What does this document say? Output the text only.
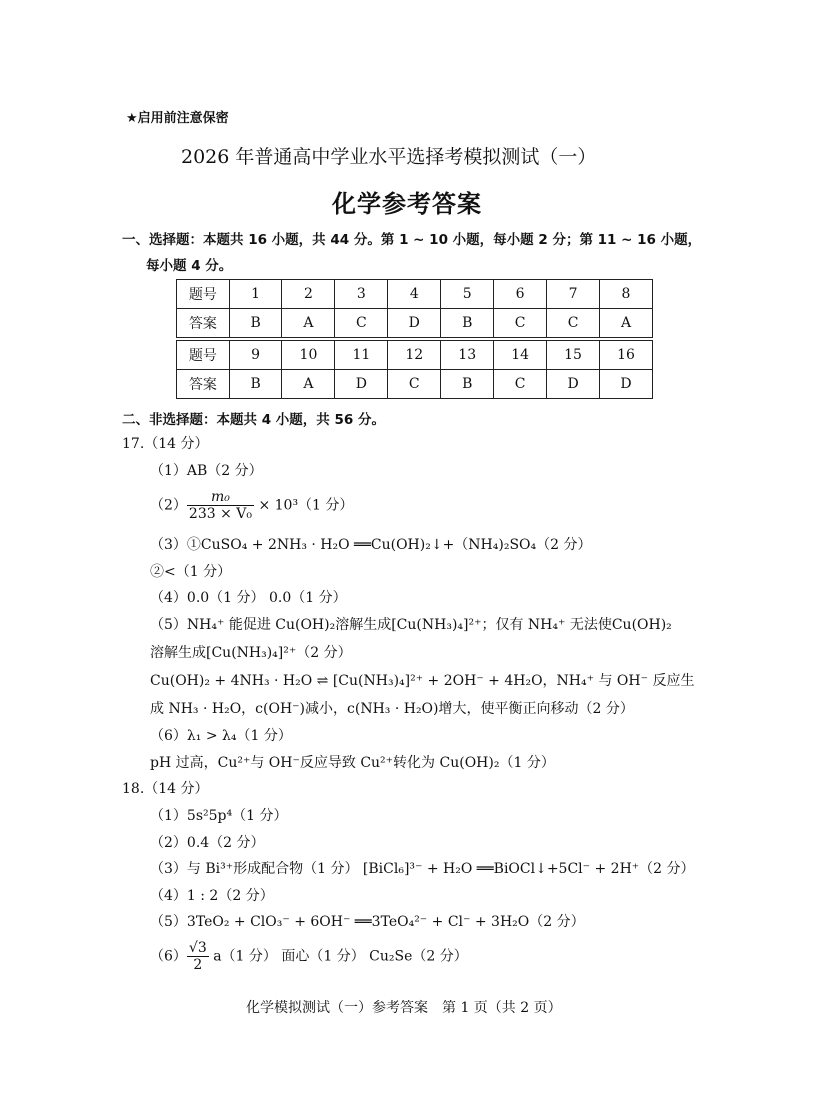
★启用前注意保密
2026 年普通高中学业水平选择考模拟测试（一）
化学参考答案
一、选择题：本题共 16 小题，共 44 分。第 1 ~ 10 小题，每小题 2 分；第 11 ~ 16 小题，
每小题 4 分。
题号	1	2	3	4	5	6	7	8
答案	B	A	C	D	B	C	C	A
题号	9	10	11	12	13	14	15	16
答案	B	A	D	C	B	C	D	D
二、非选择题：本题共 4 小题，共 56 分。
17.（14 分）
（1）AB（2 分）
$(2) \frac{\text{m₀}}{\text{233 × V₀}} \times 10^3(1$ 分）
（3）①CuSO₄ + 2NH₃ · H₂O ══Cu(OH)₂↓+（NH₄)₂SO₄（2 分）
②<（1 分）
（4）0.0（1 分） 0.0（1 分）
（5）NH₄⁺ 能促进 Cu(OH)₂溶解生成[Cu(NH₃)₄]²⁺；仅有 NH₄⁺ 无法使Cu(OH)₂
溶解生成[Cu(NH₃)₄]²⁺（2 分）
Cu(OH)₂ + 4NH₃ · H₂O ⇌ [Cu(NH₃)₄]²⁺ + 2OH⁻ + 4H₂O，NH₄⁺ 与 OH⁻ 反应生
成 NH₃ · H₂O，c(OH⁻)减小，c(NH₃ · H₂O)增大，使平衡正向移动（2 分）
（6）λ₁ > λ₄（1 分）
pH 过高，Cu²⁺与 OH⁻反应导致 Cu²⁺转化为 Cu(OH)₂（1 分）
18.（14 分）
（1）5s²5p⁴（1 分）
（2）0.4（2 分）
（3）与 Bi³⁺形成配合物（1 分） [BiCl₆]³⁻ + H₂O ══BiOCl↓+5Cl⁻ + 2H⁺（2 分）
（4）1 : 2（2 分）
（5）3TeO₂ + ClO₃⁻ + 6OH⁻ ══3TeO₄²⁻ + Cl⁻ + 3H₂O（2 分）
$(6) \frac{√3}{2} a(1$ 分） 面心（1 分） Cu₂Se（2 分）
化学模拟测试（一）参考答案　第 1 页（共 2 页）
